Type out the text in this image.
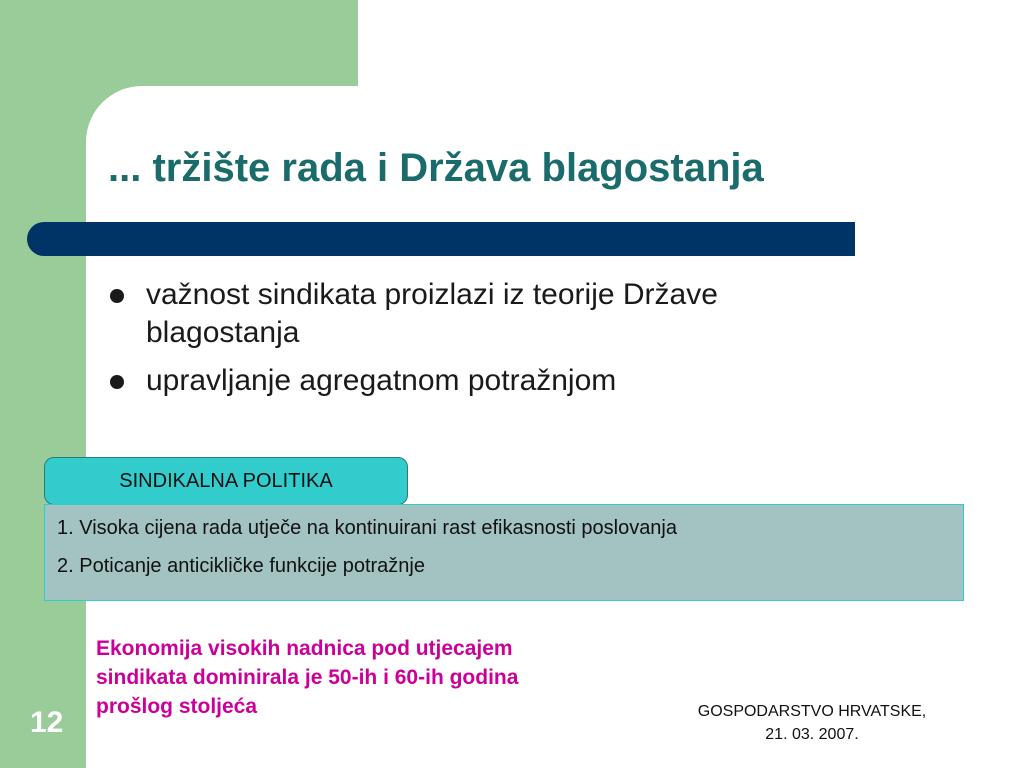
... tržište rada i Država blagostanja
važnost sindikata proizlazi iz teorije Države
blagostanja
upravljanje agregatnom potražnjom
SINDIKALNA POLITIKA
1. Visoka cijena rada utječe na kontinuirani rast efikasnosti poslovanja
2. Poticanje anticikličke funkcije potražnje
Ekonomija visokih nadnica pod utjecajem
sindikata dominirala je 50-ih i 60-ih godina
prošlog stoljeća
12	GOSPODARSTVO HRVATSKE,
21. 03. 2007.
